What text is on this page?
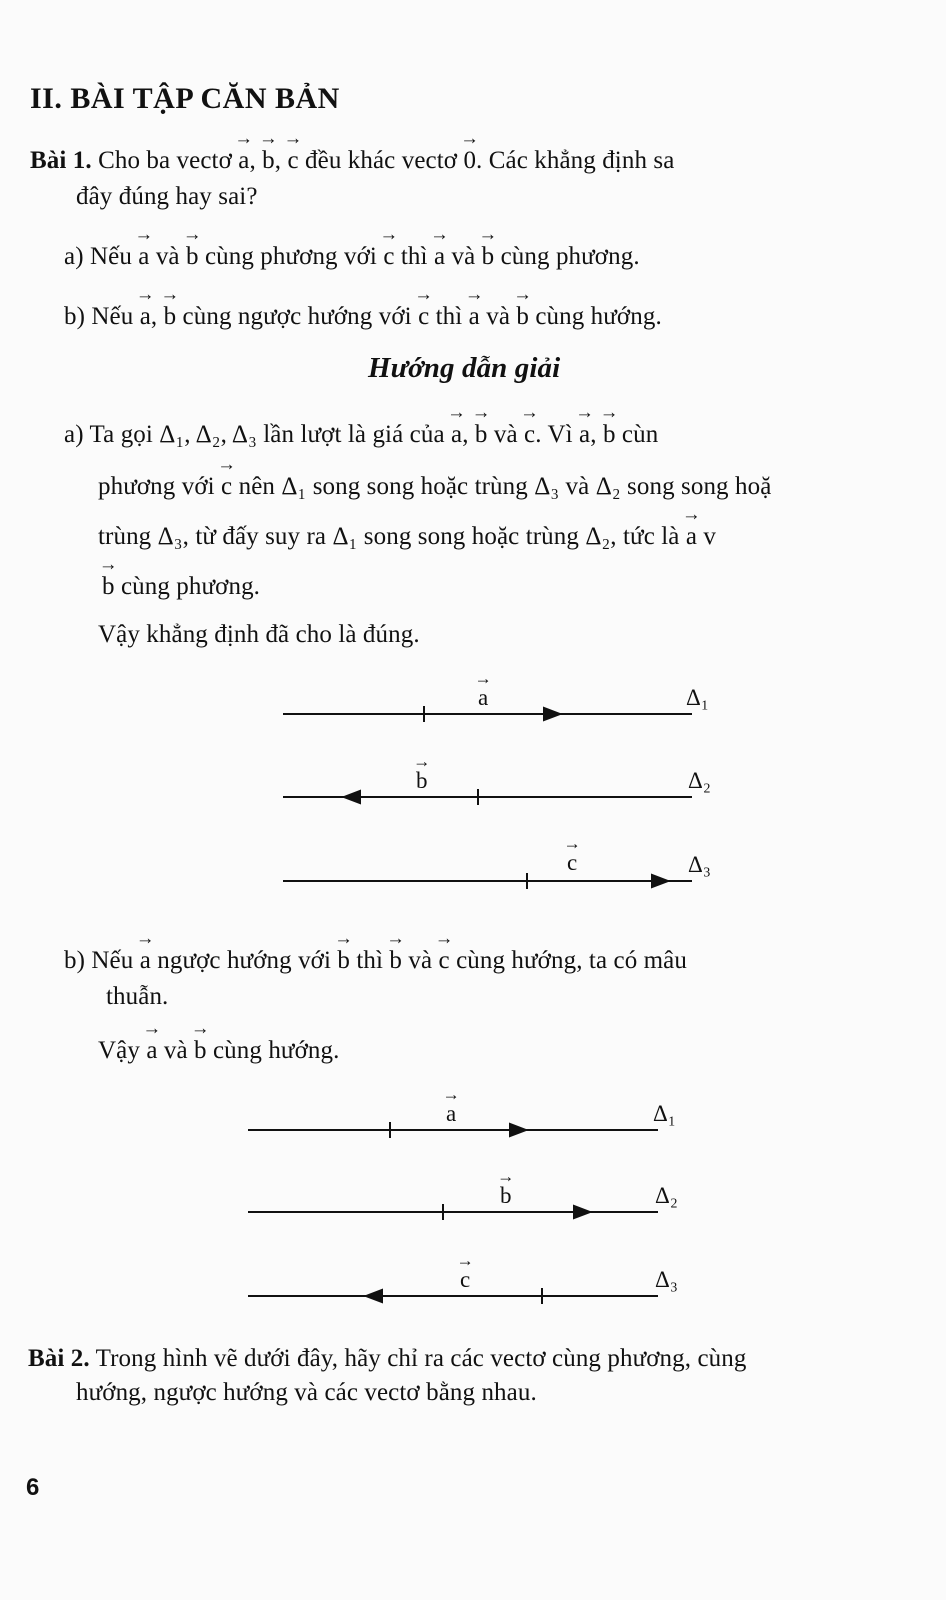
II. BÀI TẬP CĂN BẢN
Bài 1. Cho ba vectơ → a, → b, → c đều khác vectơ → 0. Các khẳng định sa
đây đúng hay sai?
a) Nếu → a và → b cùng phương với → c thì → a và → b cùng phương.
b) Nếu → a, → b cùng ngược hướng với → c thì → a và → b cùng hướng.
Hướng dẫn giải
a) Ta gọi Δ₁, Δ₂, Δ₃ lần lượt là giá của → a, → b và → c. Vì → a, → b cùn
phương với → c nên Δ₁ song song hoặc trùng Δ₃ và Δ₂ song song hoặ
trùng Δ₃, từ đấy suy ra Δ₁ song song hoặc trùng Δ₂, tức là → a v
→ b cùng phương.
Vậy khẳng định đã cho là đúng.
→ a	Δ₁
→ b	Δ₂
→ c	Δ₃
b) Nếu → a ngược hướng với → b thì → b và → c cùng hướng, ta có mâu
thuẫn.
Vậy → a và → b cùng hướng.
→ a	Δ₁
→ b	Δ₂
→ c	Δ₃
Bài 2. Trong hình vẽ dưới đây, hãy chỉ ra các vectơ cùng phương, cùng
hướng, ngược hướng và các vectơ bằng nhau.
6
